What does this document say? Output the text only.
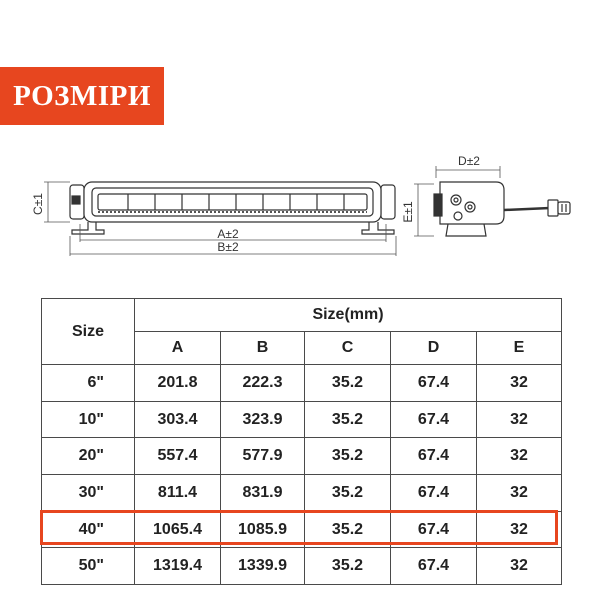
РОЗМІРИ
C±1
A±2
B±2
D±2
E±1
Size	Size(mm)				
	A	B	C	D	E
6"	201.8	222.3	35.2	67.4	32
10"	303.4	323.9	35.2	67.4	32
20"	557.4	577.9	35.2	67.4	32
30"	811.4	831.9	35.2	67.4	32
40"	1065.4	1085.9	35.2	67.4	32
50"	1319.4	1339.9	35.2	67.4	32
